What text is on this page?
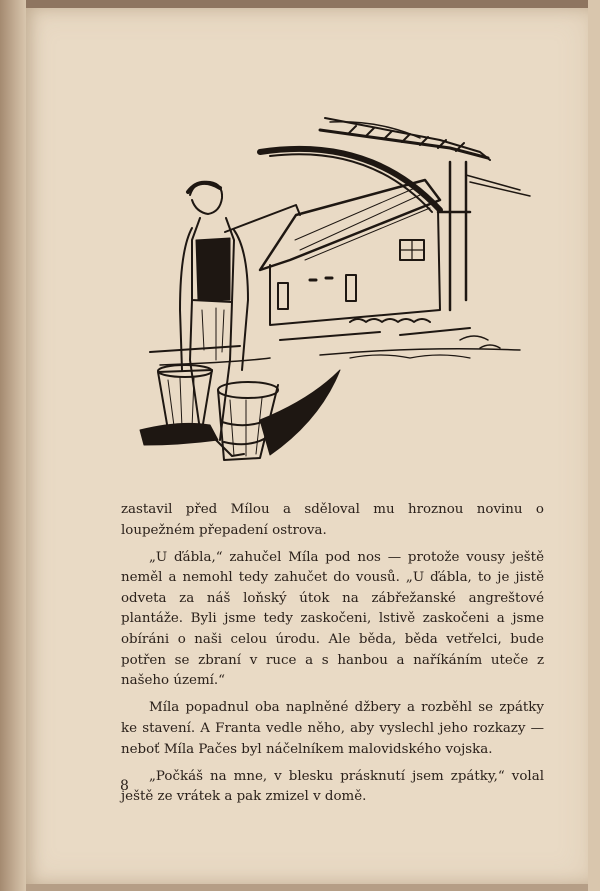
zastavil před Mílou a sděloval mu hroznou novinu o loupežném přepadení ostrova.

„U ďábla,“ zahučel Míla pod nos — protože vousy ještě neměl a nemohl tedy zahučet do vousů. „U ďábla, to je jistě odveta za náš loňský útok na zábřežanské angreštové plantáže. Byli jsme tedy zaskočeni, lstivě zaskočeni a jsme obíráni o naši celou úrodu. Ale běda, běda vetřelci, bude potřen se zbraní v ruce a s hanbou a naříkáním uteče z našeho území.“

Míla popadnul oba naplněné džbery a rozběhl se zpátky ke stavení. A Franta vedle něho, aby vyslechl jeho rozkazy — neboť Míla Pačes byl náčelníkem malovidského vojska.

„Počkáš na mne, v blesku prásknutí jsem zpátky,“ volal ještě ze vrátek a pak zmizel v domě.

8
